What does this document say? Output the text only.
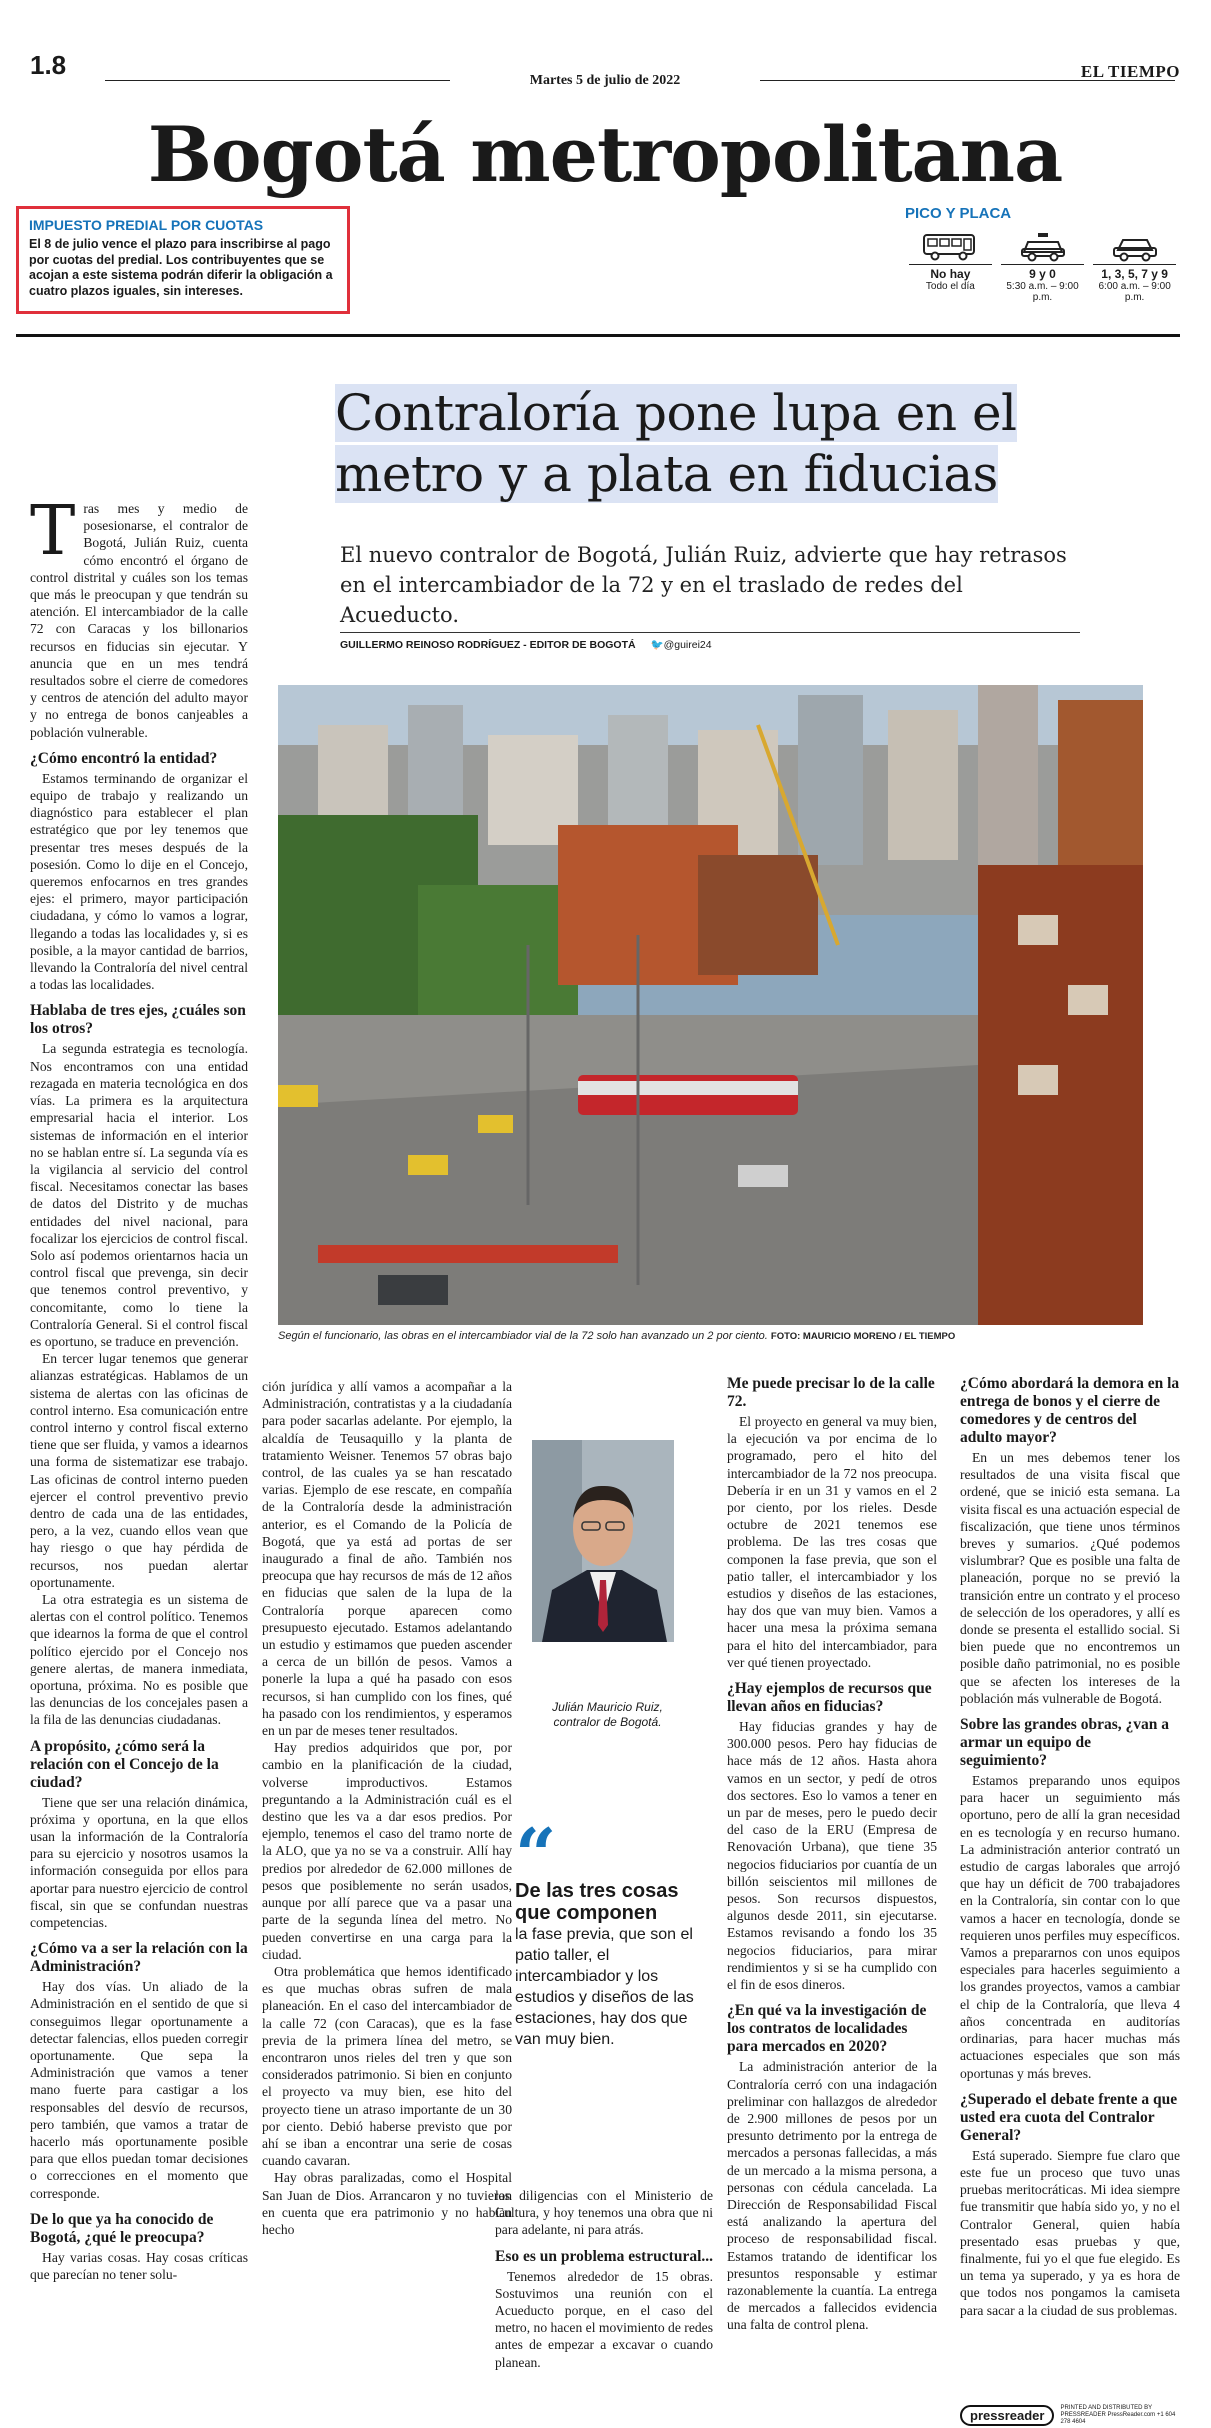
1.8
Martes 5 de julio de 2022	EL TIEMPO
Bogotá metropolitana
IMPUESTO PREDIAL POR CUOTAS
El 8 de julio vence el plazo para inscribirse al pago por cuotas del predial. Los contribuyentes que se acojan a este sistema podrán diferir la obligación a cuatro plazos iguales, sin intereses.
PICO Y PLACA
No hay
Todo el día
9 y 0
5:30 a.m. – 9:00 p.m.
1, 3, 5, 7 y 9
6:00 a.m. – 9:00 p.m.
Contraloría pone lupa en el metro y a plata en fiducias
El nuevo contralor de Bogotá, Julián Ruiz, advierte que hay retrasos en el intercambiador de la 72 y en el traslado de redes del Acueducto.
GUILLERMO REINOSO RODRÍGUEZ - EDITOR DE BOGOTÁ 🐦@guirei24
Según el funcionario, las obras en el intercambiador vial de la 72 solo han avanzado un 2 por ciento. FOTO: MAURICIO MORENO / EL TIEMPO

Tras mes y medio de posesionarse, el contralor de Bogotá, Julián Ruiz, cuenta cómo encontró el órgano de control distrital y cuáles son los temas que más le preocupan y que tendrán su atención. El intercambiador de la calle 72 con Caracas y los billonarios recursos en fiducias sin ejecutar. Y anuncia que en un mes tendrá resultados sobre el cierre de comedores y centros de atención del adulto mayor y no entrega de bonos canjeables a población vulnerable.

¿Cómo encontró la entidad?

Estamos terminando de organizar el equipo de trabajo y realizando un diagnóstico para establecer el plan estratégico que por ley tenemos que presentar tres meses después de la posesión. Como lo dije en el Concejo, queremos enfocarnos en tres grandes ejes: el primero, mayor participación ciudadana, y cómo lo vamos a lograr, llegando a todas las localidades y, si es posible, a la mayor cantidad de barrios, llevando la Contraloría del nivel central a todas las localidades.

Hablaba de tres ejes, ¿cuáles son los otros?

La segunda estrategia es tecnología. Nos encontramos con una entidad rezagada en materia tecnológica en dos vías. La primera es la arquitectura empresarial hacia el interior. Los sistemas de información en el interior no se hablan entre sí. La segunda vía es la vigilancia al servicio del control fiscal. Necesitamos conectar las bases de datos del Distrito y de muchas entidades del nivel nacional, para focalizar los ejercicios de control fiscal. Solo así podemos orientarnos hacia un control fiscal que prevenga, sin decir que tenemos control preventivo, y concomitante, como lo tiene la Contraloría General. Si el control fiscal es oportuno, se traduce en prevención.

En tercer lugar tenemos que generar alianzas estratégicas. Hablamos de un sistema de alertas con las oficinas de control interno. Esa comunicación entre control interno y control fiscal externo tiene que ser fluida, y vamos a idearnos una forma de sistematizar ese trabajo. Las oficinas de control interno pueden ejercer el control preventivo previo dentro de cada una de las entidades, pero, a la vez, cuando ellos vean que hay riesgo o que hay pérdida de recursos, nos puedan alertar oportunamente.

La otra estrategia es un sistema de alertas con el control político. Tenemos que idearnos la forma de que el control político ejercido por el Concejo nos genere alertas, de manera inmediata, oportuna, próxima. No es posible que las denuncias de los concejales pasen a la fila de las denuncias ciudadanas.

A propósito, ¿cómo será la relación con el Concejo de la ciudad?

Tiene que ser una relación dinámica, próxima y oportuna, en la que ellos usan la información de la Contraloría para su ejercicio y nosotros usamos la información conseguida por ellos para aportar para nuestro ejercicio de control fiscal, sin que se confundan nuestras competencias.

¿Cómo va a ser la relación con la Administración?

Hay dos vías. Un aliado de la Administración en el sentido de que si conseguimos llegar oportunamente a detectar falencias, ellos pueden corregir oportunamente. Que sepa la Administración que vamos a tener mano fuerte para castigar a los responsables del desvío de recursos, pero también, que vamos a tratar de hacerlo más oportunamente posible para que ellos puedan tomar decisiones o correcciones en el momento que corresponde.

De lo que ya ha conocido de Bogotá, ¿qué le preocupa?

Hay varias cosas. Hay cosas críticas que parecían no tener solu-

ción jurídica y allí vamos a acompañar a la Administración, contratistas y a la ciudadanía para poder sacarlas adelante. Por ejemplo, la alcaldía de Teusaquillo y la planta de tratamiento Weisner. Tenemos 57 obras bajo control, de las cuales ya se han rescatado varias. Ejemplo de ese rescate, en compañía de la Contraloría desde la administración anterior, es el Comando de la Policía de Bogotá, que ya está ad portas de ser inaugurado a final de año. También nos preocupa que hay recursos de más de 12 años en fiducias que salen de la lupa de la Contraloría porque aparecen como presupuesto ejecutado. Estamos adelantando un estudio y estimamos que pueden ascender a cerca de un billón de pesos. Vamos a ponerle la lupa a qué ha pasado con esos recursos, si han cumplido con los fines, qué ha pasado con los rendimientos, y esperamos en un par de meses tener resultados.

Hay predios adquiridos que por, por cambio en la planificación de la ciudad, volverse improductivos. Estamos preguntando a la Administración cuál es el destino que les va a dar esos predios. Por ejemplo, tenemos el caso del tramo norte de la ALO, que ya no se va a construir. Allí hay predios por alrededor de 62.000 millones de pesos que posiblemente no serán usados, aunque por allí parece que va a pasar una parte de la segunda línea del metro. No pueden convertirse en una carga para la ciudad.

Otra problemática que hemos identificado es que muchas obras sufren de mala planeación. En el caso del intercambiador de la calle 72 (con Caracas), que es la fase previa de la primera línea del metro, se encontraron unos rieles del tren y que son considerados patrimonio. Si bien en conjunto el proyecto va muy bien, ese hito del proyecto tiene un atraso importante de un 30 por ciento. Debió haberse previsto que por ahí se iban a encontrar una serie de cosas cuando cavaran.

Hay obras paralizadas, como el Hospital San Juan de Dios. Arrancaron y no tuvieron en cuenta que era patrimonio y no habían hecho

Julián Mauricio Ruiz, contralor de Bogotá.
“
De las tres cosas que componen
la fase previa, que son el patio taller, el intercambiador y los estudios y diseños de las estaciones, hay dos que van muy bien.

las diligencias con el Ministerio de Cultura, y hoy tenemos una obra que ni para adelante, ni para atrás.

Eso es un problema estructural...

Tenemos alrededor de 15 obras. Sostuvimos una reunión con el Acueducto porque, en el caso del metro, no hacen el movimiento de redes antes de empezar a excavar o cuando planean.

Me puede precisar lo de la calle 72.

El proyecto en general va muy bien, la ejecución va por encima de lo programado, pero el hito del intercambiador de la 72 nos preocupa. Debería ir en un 31 y vamos en el 2 por ciento, por los rieles. Desde octubre de 2021 tenemos ese problema. De las tres cosas que componen la fase previa, que son el patio taller, el intercambiador y los estudios y diseños de las estaciones, hay dos que van muy bien. Vamos a hacer una mesa la próxima semana para el hito del intercambiador, para ver qué tienen proyectado.

¿Hay ejemplos de recursos que llevan años en fiducias?

Hay fiducias grandes y hay de 300.000 pesos. Pero hay fiducias de hace más de 12 años. Hasta ahora vamos en un sector, y pedí de otros dos sectores. Eso lo vamos a tener en un par de meses, pero le puedo decir del caso de la ERU (Empresa de Renovación Urbana), que tiene 35 negocios fiduciarios por cuantía de un billón seiscientos mil millones de pesos. Son recursos dispuestos, algunos desde 2011, sin ejecutarse. Estamos revisando a fondo los 35 negocios fiduciarios, para mirar rendimientos y si se ha cumplido con el fin de esos dineros.

¿En qué va la investigación de los contratos de localidades para mercados en 2020?

La administración anterior de la Contraloría cerró con una indagación preliminar con hallazgos de alrededor de 2.900 millones de pesos por un presunto detrimento por la entrega de mercados a personas fallecidas, a más de un mercado a la misma persona, a personas con cédula cancelada. La Dirección de Responsabilidad Fiscal está analizando la apertura del proceso de responsabilidad fiscal. Estamos tratando de identificar los presuntos responsable y estimar razonablemente la cuantía. La entrega de mercados a fallecidos evidencia una falta de control plena.

¿Cómo abordará la demora en la entrega de bonos y el cierre de comedores y de centros del adulto mayor?

En un mes debemos tener los resultados de una visita fiscal que ordené, que se inició esta semana. La visita fiscal es una actuación especial de fiscalización, que tiene unos términos breves y sumarios. ¿Qué podemos vislumbrar? Que es posible una falta de planeación, porque no se previó la transición entre un contrato y el proceso de selección de los operadores, y allí es donde se presenta el estallido social. Si bien puede que no encontremos un posible daño patrimonial, no es posible que se afecten los intereses de la población más vulnerable de Bogotá.

Sobre las grandes obras, ¿van a armar un equipo de seguimiento?

Estamos preparando unos equipos para hacer un seguimiento más oportuno, pero de allí la gran necesidad en es tecnología y en recurso humano. La administración anterior contrató un estudio de cargas laborales que arrojó que hay un déficit de 700 trabajadores en la Contraloría, sin contar con lo que vamos a hacer en tecnología, donde se requieren unos perfiles muy específicos. Vamos a prepararnos con unos equipos especiales para hacerles seguimiento a los grandes proyectos, vamos a cambiar el chip de la Contraloría, que lleva 4 años concentrada en auditorías ordinarias, para hacer muchas más actuaciones especiales que son más oportunas y más breves.

¿Superado el debate frente a que usted era cuota del Contralor General?

Está superado. Siempre fue claro que este fue un proceso que tuvo unas pruebas meritocráticas. Mi idea siempre fue transmitir que había sido yo, y no el Contralor General, quien había presentado esas pruebas y que, finalmente, fui yo el que fue elegido. Es un tema ya superado, y ya es hora de que todos nos pongamos la camiseta para sacar a la ciudad de sus problemas.

pressreader	PRINTED AND DISTRIBUTED BY PRESSREADER PressReader.com +1 604 278 4604
